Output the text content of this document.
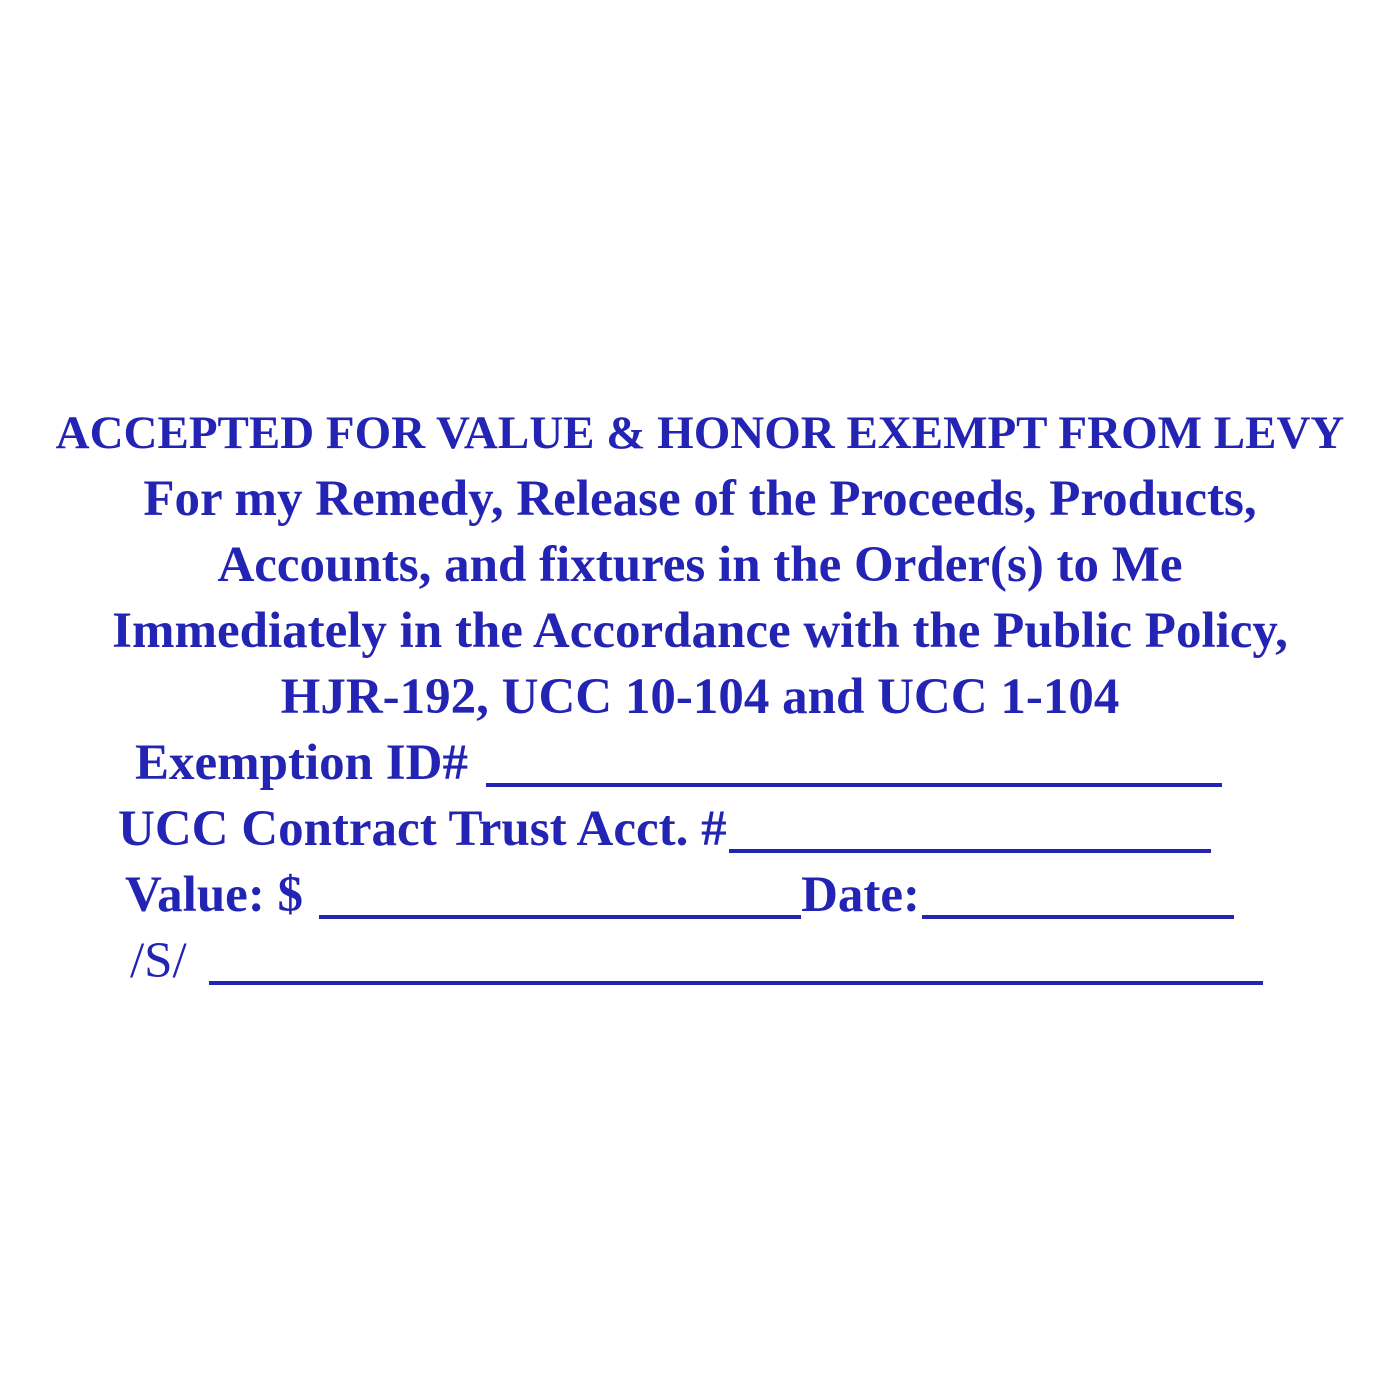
ACCEPTED FOR VALUE & HONOR EXEMPT FROM LEVY
For my Remedy, Release of the Proceeds, Products,
Accounts, and fixtures in the Order(s) to Me
Immediately in the Accordance with the Public Policy,
HJR-192, UCC 10-104 and UCC 1-104
Exemption ID#
UCC Contract Trust Acct. #
Value: $	Date:
/S/
